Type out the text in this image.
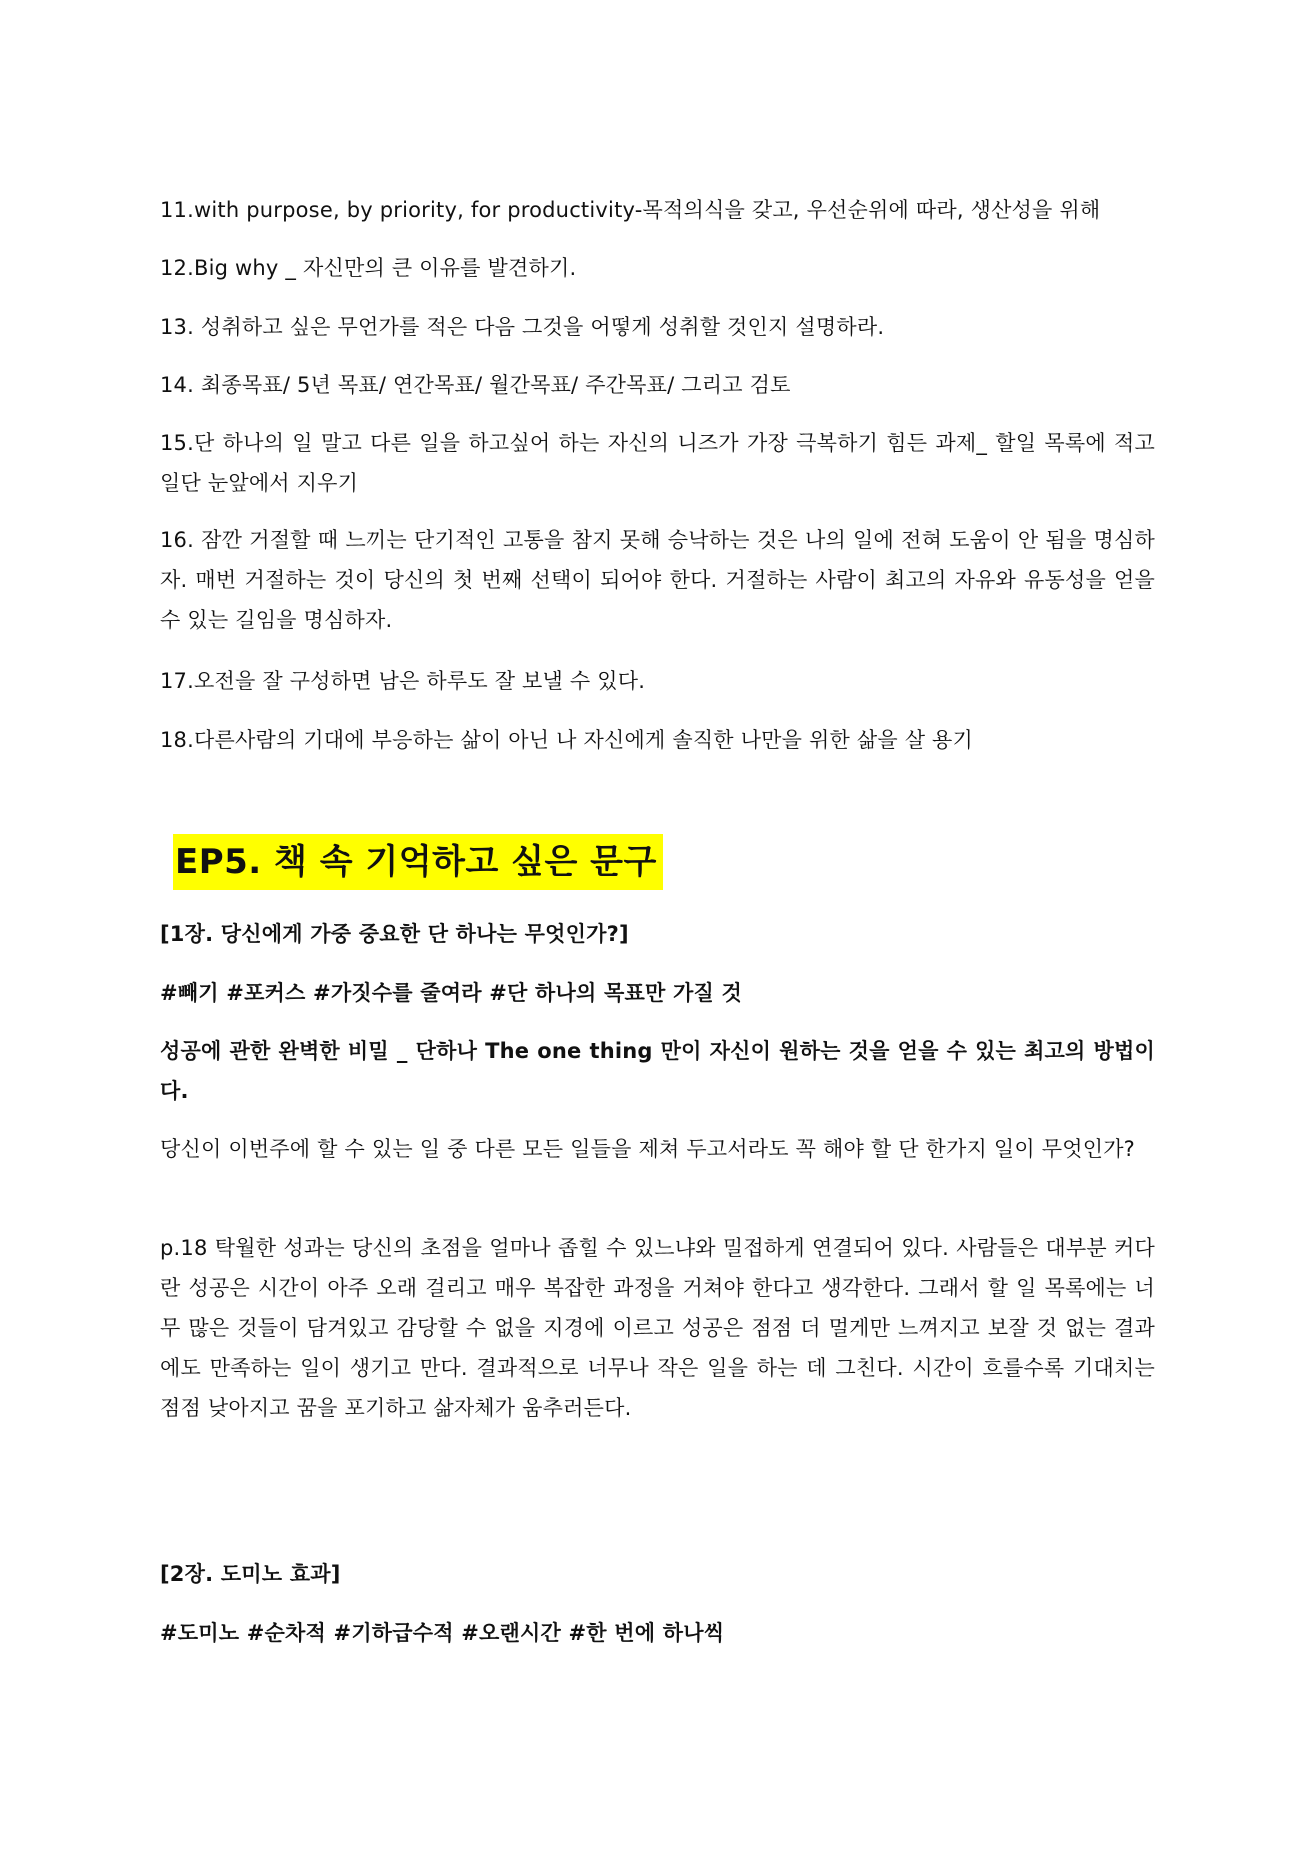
11.with purpose, by priority, for productivity-목적의식을 갖고, 우선순위에 따라, 생산성을 위해

12.Big why _ 자신만의 큰 이유를 발견하기.

13. 성취하고 싶은 무언가를 적은 다음 그것을 어떻게 성취할 것인지 설명하라.

14. 최종목표/ 5년 목표/ 연간목표/ 월간목표/ 주간목표/ 그리고 검토

15.단 하나의 일 말고 다른 일을 하고싶어 하는 자신의 니즈가 가장 극복하기 힘든 과제_ 할일 목록에 적고 일단 눈앞에서 지우기

16. 잠깐 거절할 때 느끼는 단기적인 고통을 참지 못해 승낙하는 것은 나의 일에 전혀 도움이 안 됨을 명심하자. 매번 거절하는 것이 당신의 첫 번째 선택이 되어야 한다. 거절하는 사람이 최고의 자유와 유동성을 얻을 수 있는 길임을 명심하자.

17.오전을 잘 구성하면 남은 하루도 잘 보낼 수 있다.

18.다른사람의 기대에 부응하는 삶이 아닌 나 자신에게 솔직한 나만을 위한 삶을 살 용기

EP5. 책 속 기억하고 싶은 문구

[1장. 당신에게 가중 중요한 단 하나는 무엇인가?]

#빼기 #포커스 #가짓수를 줄여라 #단 하나의 목표만 가질 것

성공에 관한 완벽한 비밀 _ 단하나 The one thing 만이 자신이 원하는 것을 얻을 수 있는 최고의 방법이다.

당신이 이번주에 할 수 있는 일 중 다른 모든 일들을 제쳐 두고서라도 꼭 해야 할 단 한가지 일이 무엇인가?

p.18 탁월한 성과는 당신의 초점을 얼마나 좁힐 수 있느냐와 밀접하게 연결되어 있다. 사람들은 대부분 커다란 성공은 시간이 아주 오래 걸리고 매우 복잡한 과정을 거쳐야 한다고 생각한다. 그래서 할 일 목록에는 너무 많은 것들이 담겨있고 감당할 수 없을 지경에 이르고 성공은 점점 더 멀게만 느껴지고 보잘 것 없는 결과에도 만족하는 일이 생기고 만다. 결과적으로 너무나 작은 일을 하는 데 그친다. 시간이 흐를수록 기대치는 점점 낮아지고 꿈을 포기하고 삶자체가 움추러든다.

[2장. 도미노 효과]

#도미노 #순차적 #기하급수적 #오랜시간 #한 번에 하나씩
